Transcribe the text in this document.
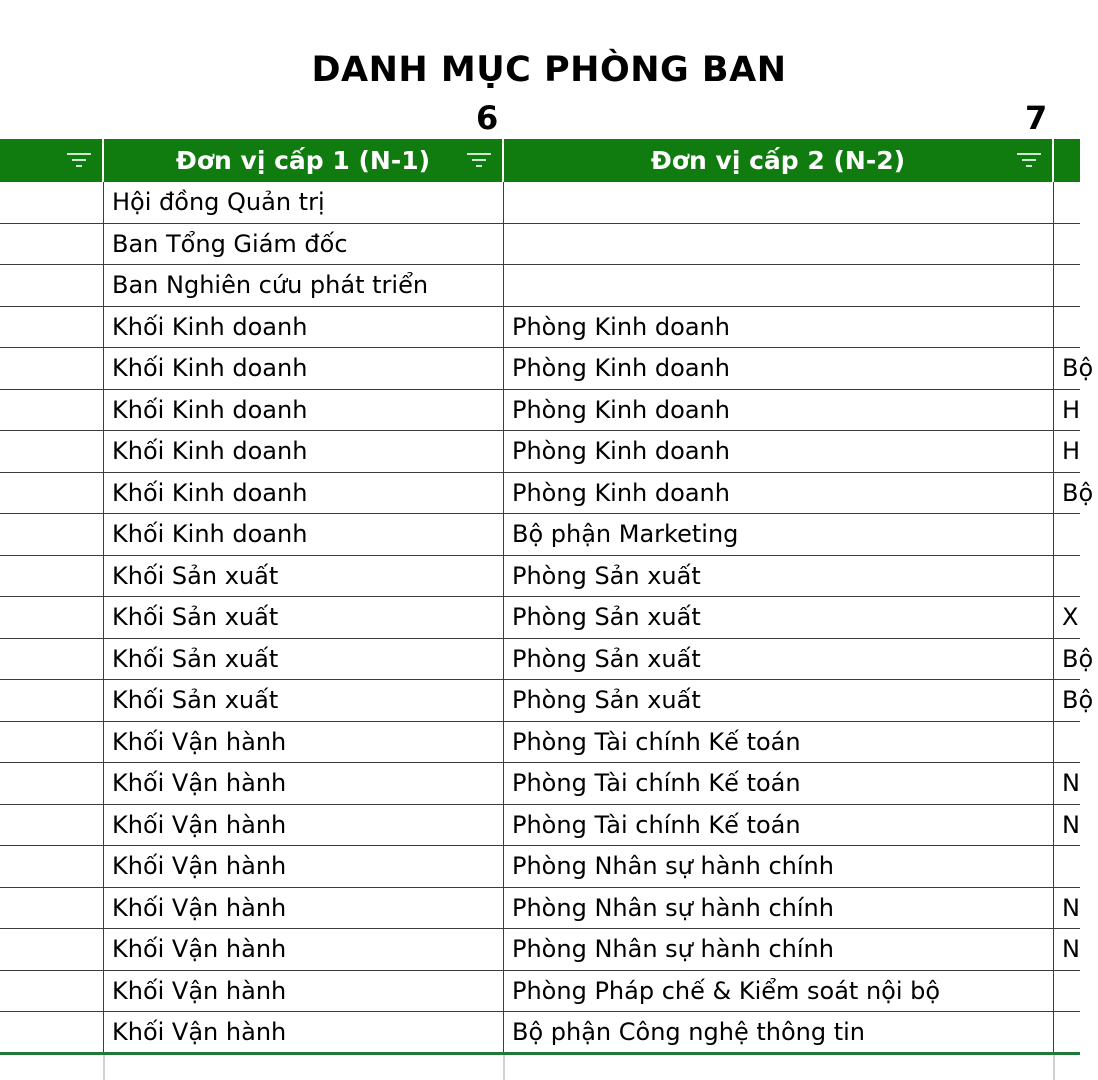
DANH MỤC PHÒNG BAN
6	7
Đơn vị cấp 1 (N-1)	Đơn vị cấp 2 (N-2)
Hội đồng Quản trị
Ban Tổng Giám đốc
Ban Nghiên cứu phát triển
Khối Kinh doanh	Phòng Kinh doanh
Khối Kinh doanh	Phòng Kinh doanh	Bộ
Khối Kinh doanh	Phòng Kinh doanh	H
Khối Kinh doanh	Phòng Kinh doanh	H
Khối Kinh doanh	Phòng Kinh doanh	Bộ
Khối Kinh doanh	Bộ phận Marketing
Khối Sản xuất	Phòng Sản xuất
Khối Sản xuất	Phòng Sản xuất	X
Khối Sản xuất	Phòng Sản xuất	Bộ
Khối Sản xuất	Phòng Sản xuất	Bộ
Khối Vận hành	Phòng Tài chính Kế toán
Khối Vận hành	Phòng Tài chính Kế toán	N
Khối Vận hành	Phòng Tài chính Kế toán	N
Khối Vận hành	Phòng Nhân sự hành chính
Khối Vận hành	Phòng Nhân sự hành chính	N
Khối Vận hành	Phòng Nhân sự hành chính	N
Khối Vận hành	Phòng Pháp chế & Kiểm soát nội bộ
Khối Vận hành	Bộ phận Công nghệ thông tin
